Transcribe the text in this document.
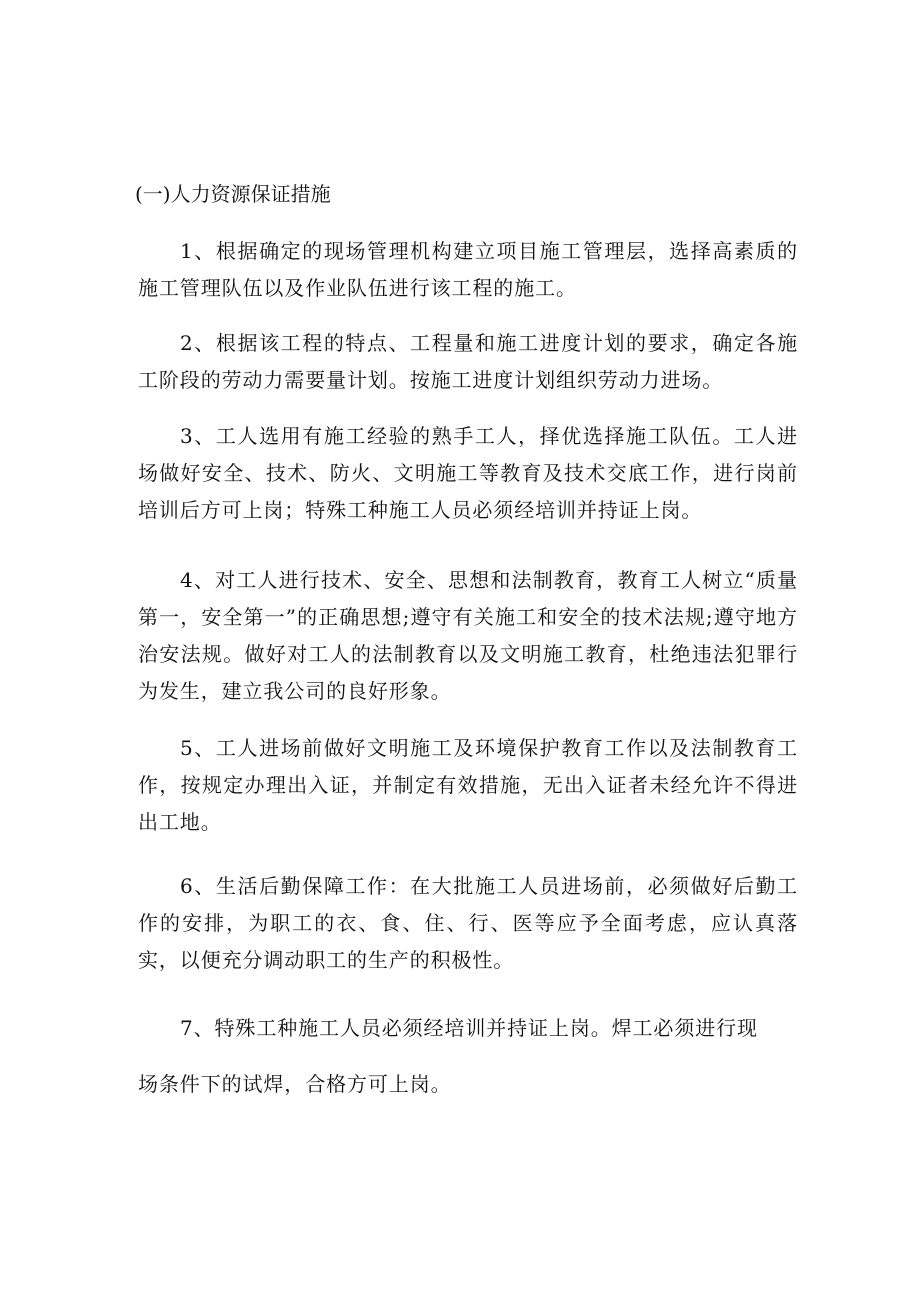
(一)人力资源保证措施

1、根据确定的现场管理机构建立项目施工管理层，选择高素质的施工管理队伍以及作业队伍进行该工程的施工。

2、根据该工程的特点、工程量和施工进度计划的要求，确定各施工阶段的劳动力需要量计划。按施工进度计划组织劳动力进场。

3、工人选用有施工经验的熟手工人，择优选择施工队伍。工人进场做好安全、技术、防火、文明施工等教育及技术交底工作，进行岗前培训后方可上岗；特殊工种施工人员必须经培训并持证上岗。

4、对工人进行技术、安全、思想和法制教育，教育工人树立“质量第一，安全第一”的正确思想;遵守有关施工和安全的技术法规;遵守地方治安法规。做好对工人的法制教育以及文明施工教育，杜绝违法犯罪行为发生，建立我公司的良好形象。

5、工人进场前做好文明施工及环境保护教育工作以及法制教育工作，按规定办理出入证，并制定有效措施，无出入证者未经允许不得进出工地。

6、生活后勤保障工作：在大批施工人员进场前，必须做好后勤工作的安排，为职工的衣、食、住、行、医等应予全面考虑，应认真落实，以便充分调动职工的生产的积极性。

7、特殊工种施工人员必须经培训并持证上岗。焊工必须进行现
场条件下的试焊，合格方可上岗。
